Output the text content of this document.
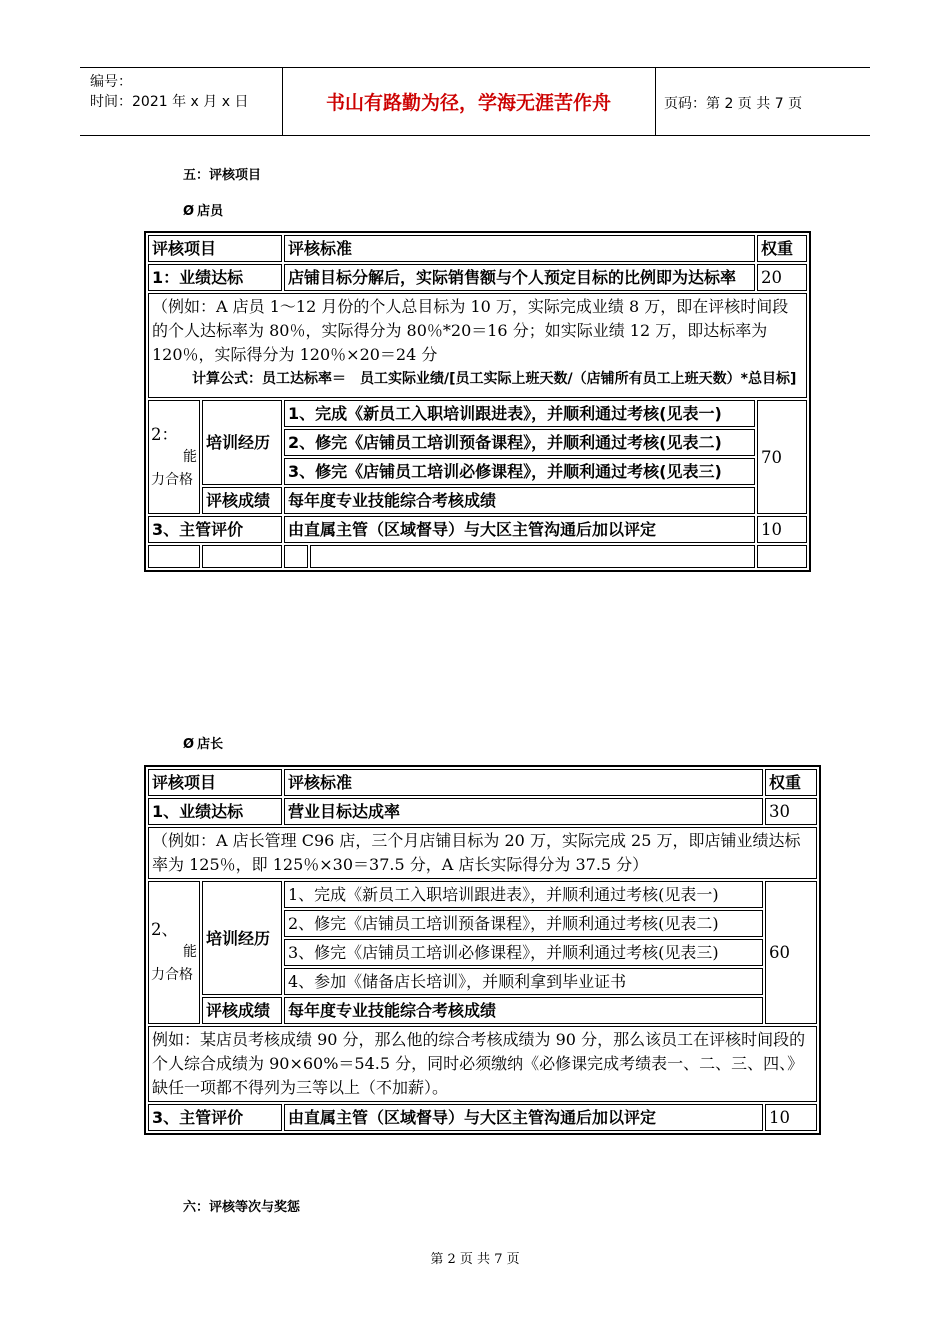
编号：
时间：2021 年 x 月 x 日	书山有路勤为径，学海无涯苦作舟	页码：第 2 页 共 7 页
五：评核项目
Ø 店员
评核项目		评核标准		权重
1：业绩达标		店铺目标分解后，实际销售额与个人预定目标的比例即为达标率		20

（例如：A 店员 1～12 月份的个人总目标为 10 万，实际完成业绩 8 万，即在评核时间段的个人达标率为 80％，实际得分为 80％*20＝16 分；如实际业绩 12 万，即达标率为 120％，实际得分为 120％×20＝24 分
计算公式：员工达标率＝　员工实际业绩/[员工实际上班天数/（店铺所有员工上班天数）*总目标]				

2：
能
力合格	培训经历	1、完成《新员工入职培训跟进表》，并顺利通过考核(见表一)		70
		2、修完《店铺员工培训预备课程》，并顺利通过考核(见表二)		
		3、修完《店铺员工培训必修课程》，并顺利通过考核(见表三)		
	评核成绩	每年度专业技能综合考核成绩		
3、主管评价		由直属主管（区域督导）与大区主管沟通后加以评定		10

Ø 店长
评核项目		评核标准	权重
1、业绩达标		营业目标达成率	30
（例如：A 店长管理 C96 店，三个月店铺目标为 20 万，实际完成 25 万，即店铺业绩达标率为 125％，即 125％×30＝37.5 分，A 店长实际得分为 37.5 分）			

2、
能
力合格	培训经历	1、完成《新员工入职培训跟进表》，并顺利通过考核(见表一)	60
		2、修完《店铺员工培训预备课程》，并顺利通过考核(见表二)	
		3、修完《店铺员工培训必修课程》，并顺利通过考核(见表三)	
		4、参加《储备店长培训》，并顺利拿到毕业证书	
	评核成绩	每年度专业技能综合考核成绩	
例如：某店员考核成绩 90 分，那么他的综合考核成绩为 90 分，那么该员工在评核时间段的个人综合成绩为 90×60%＝54.5 分，同时必须缴纳《必修课完成考绩表一、二、三、四、》缺任一项都不得列为三等以上（不加薪）。			
3、主管评价		由直属主管（区域督导）与大区主管沟通后加以评定	10
六：评核等次与奖惩
第 2 页 共 7 页
